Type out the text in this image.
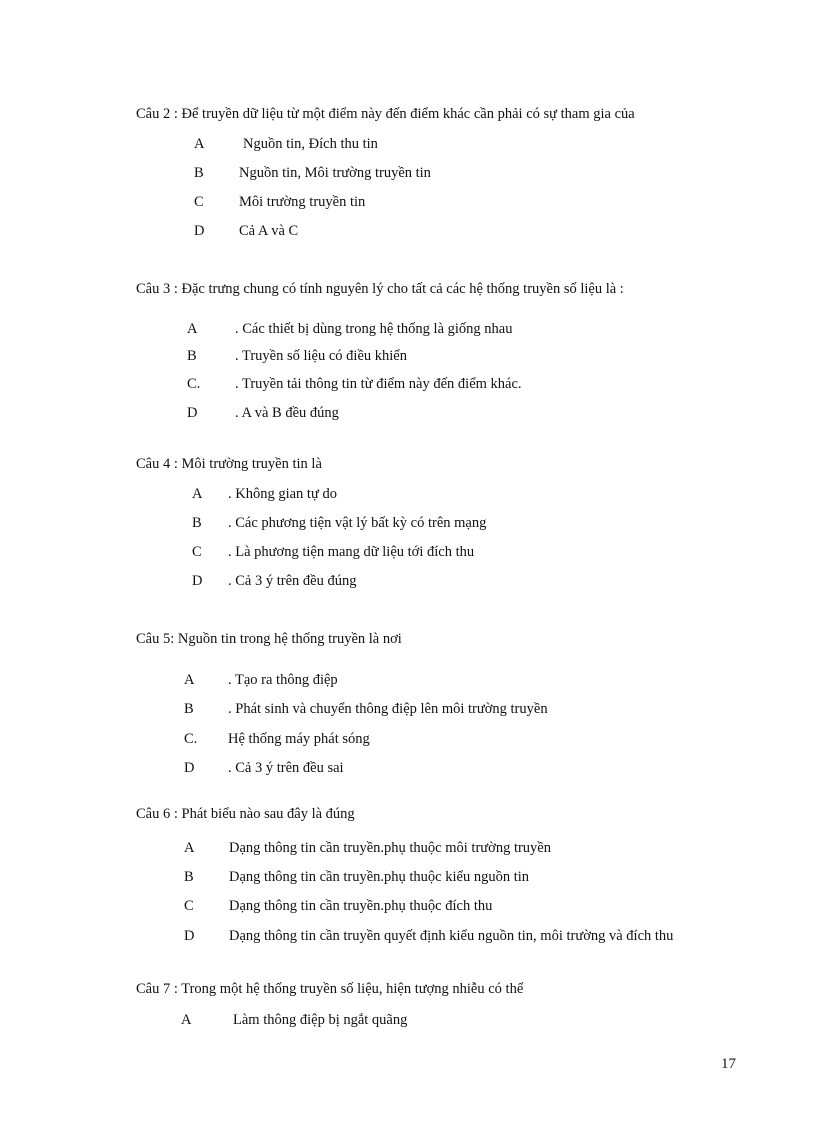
Câu 2 : Để truyền dữ liệu từ một điểm này đến điểm khác cần phải có sự tham gia của
A	Nguồn tin, Đích thu tin
B Nguồn tin, Môi trường truyền tin
C Môi trường truyền tin
D Cả A và C
Câu 3 : Đặc trưng chung có tính nguyên lý cho tất cả các hệ thống truyền số liệu là :
A	. Các thiết bị dùng trong hệ thống là giống nhau
B	. Truyền số liệu có điều khiển
C. . Truyền tải thông tin từ điểm này đến điểm khác.
D	. A và B đều đúng
Câu 4 : Môi trường truyền tin là
A . Không gian tự do
B . Các phương tiện vật lý bất kỳ có trên mạng
C . Là phương tiện mang dữ liệu tới đích thu
D . Cả 3 ý trên đều đúng
Câu 5: Nguồn tin trong hệ thống truyền là nơi
A . Tạo ra thông điệp
B . Phát sinh và chuyển thông điệp lên môi trường truyền
C. Hệ thống máy phát sóng
D . Cả 3 ý trên đều sai
Câu 6 : Phát biểu nào sau đây là đúng
A Dạng thông tin cần truyền.phụ thuộc môi trường truyền
B Dạng thông tin cần truyền.phụ thuộc kiểu nguồn tin
C Dạng thông tin cần truyền.phụ thuộc đích thu
D Dạng thông tin cần truyền quyết định kiểu nguồn tin, môi trường và đích thu
Câu 7 : Trong một hệ thống truyền số liệu, hiện tượng nhiễu có thể
A	Làm thông điệp bị ngắt quãng
17
